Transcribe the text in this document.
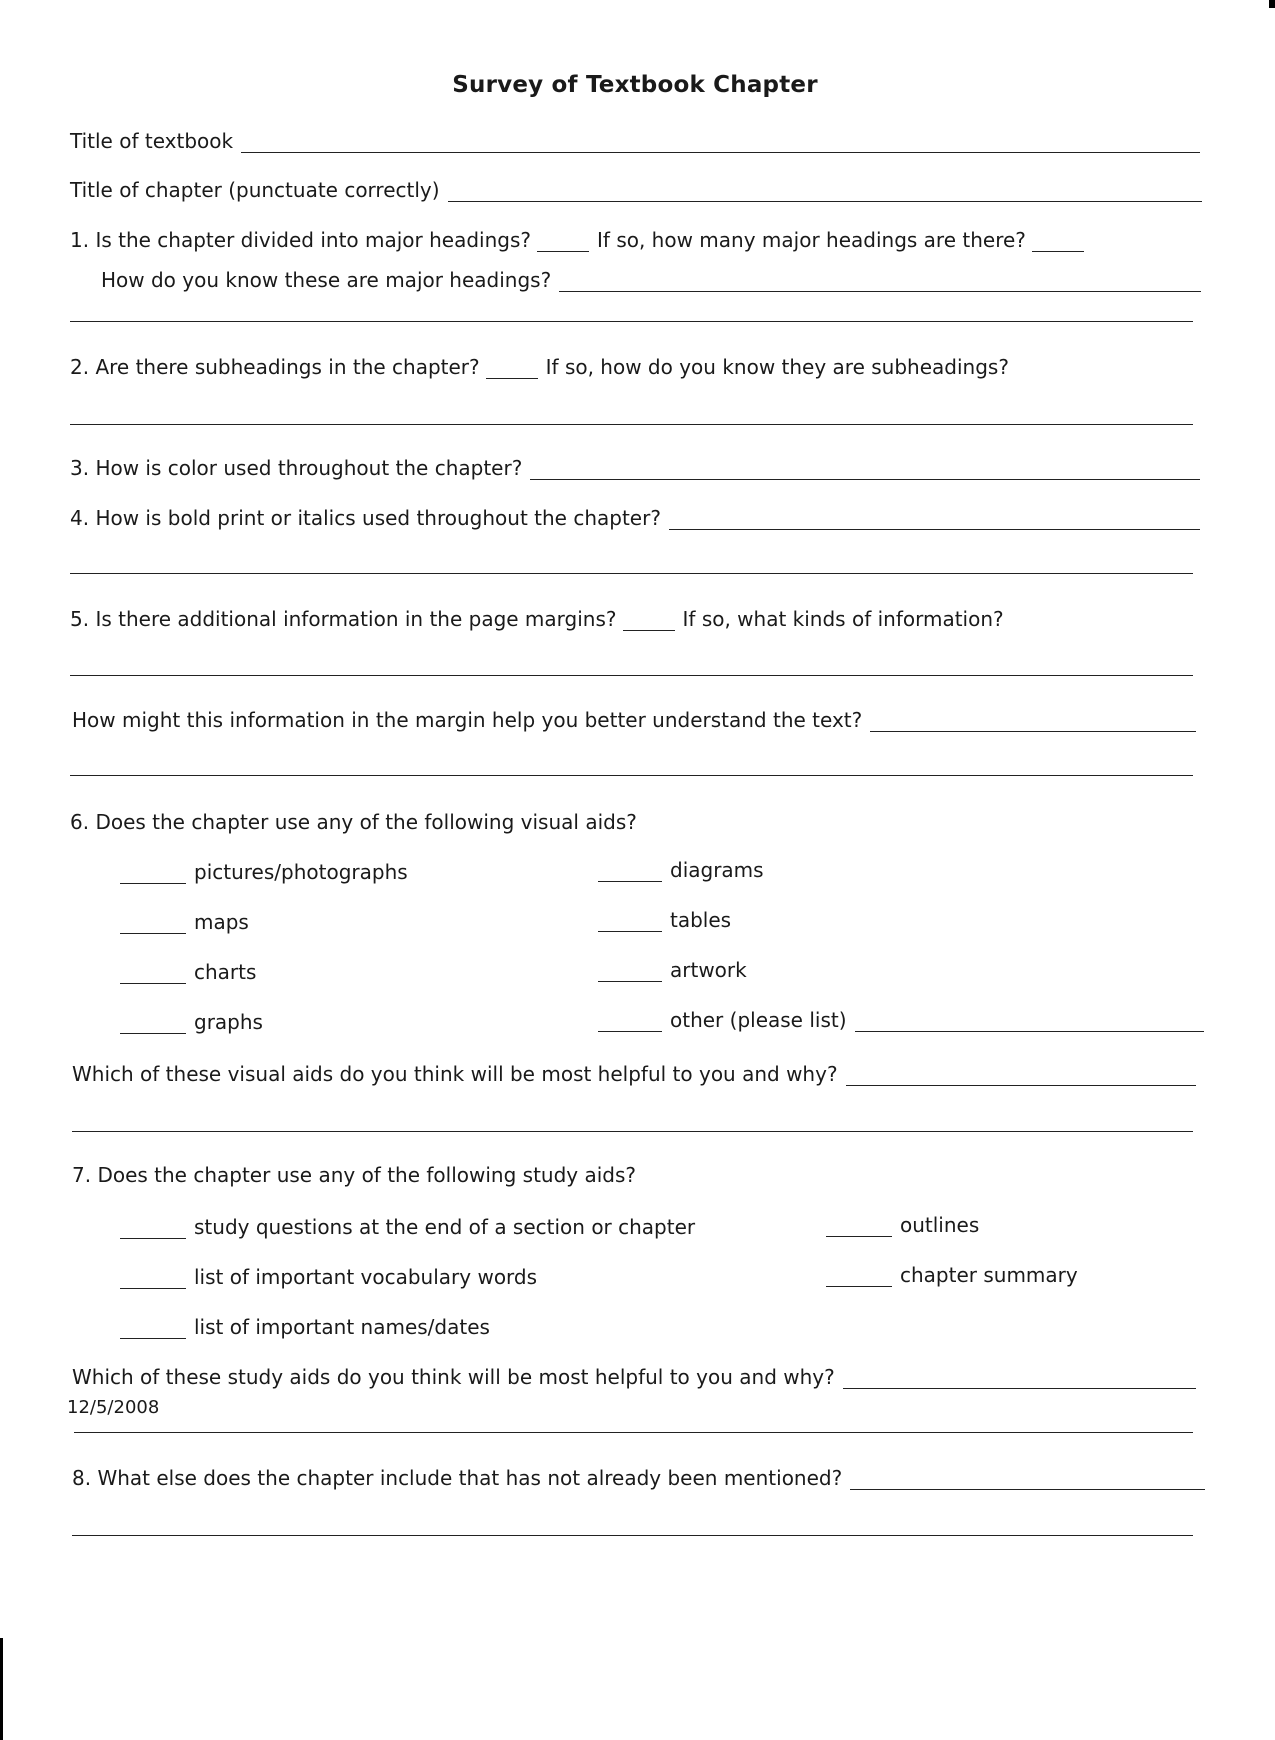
Survey of Textbook Chapter
Title of textbook
Title of chapter (punctuate correctly)
1. Is the chapter divided into major headings?	If so, how many major headings are there?
How do you know these are major headings?
2. Are there subheadings in the chapter?	If so, how do you know they are subheadings?
3. How is color used throughout the chapter?
4. How is bold print or italics used throughout the chapter?
5. Is there additional information in the page margins?	If so, what kinds of information?
How might this information in the margin help you better understand the text?
6. Does the chapter use any of the following visual aids?
pictures/photographs
maps
charts
graphs
diagrams
tables
artwork
other (please list)
Which of these visual aids do you think will be most helpful to you and why?
7. Does the chapter use any of the following study aids?
study questions at the end of a section or chapter
list of important vocabulary words
list of important names/dates
outlines
chapter summary
Which of these study aids do you think will be most helpful to you and why?
8. What else does the chapter include that has not already been mentioned?
12/5/2008
